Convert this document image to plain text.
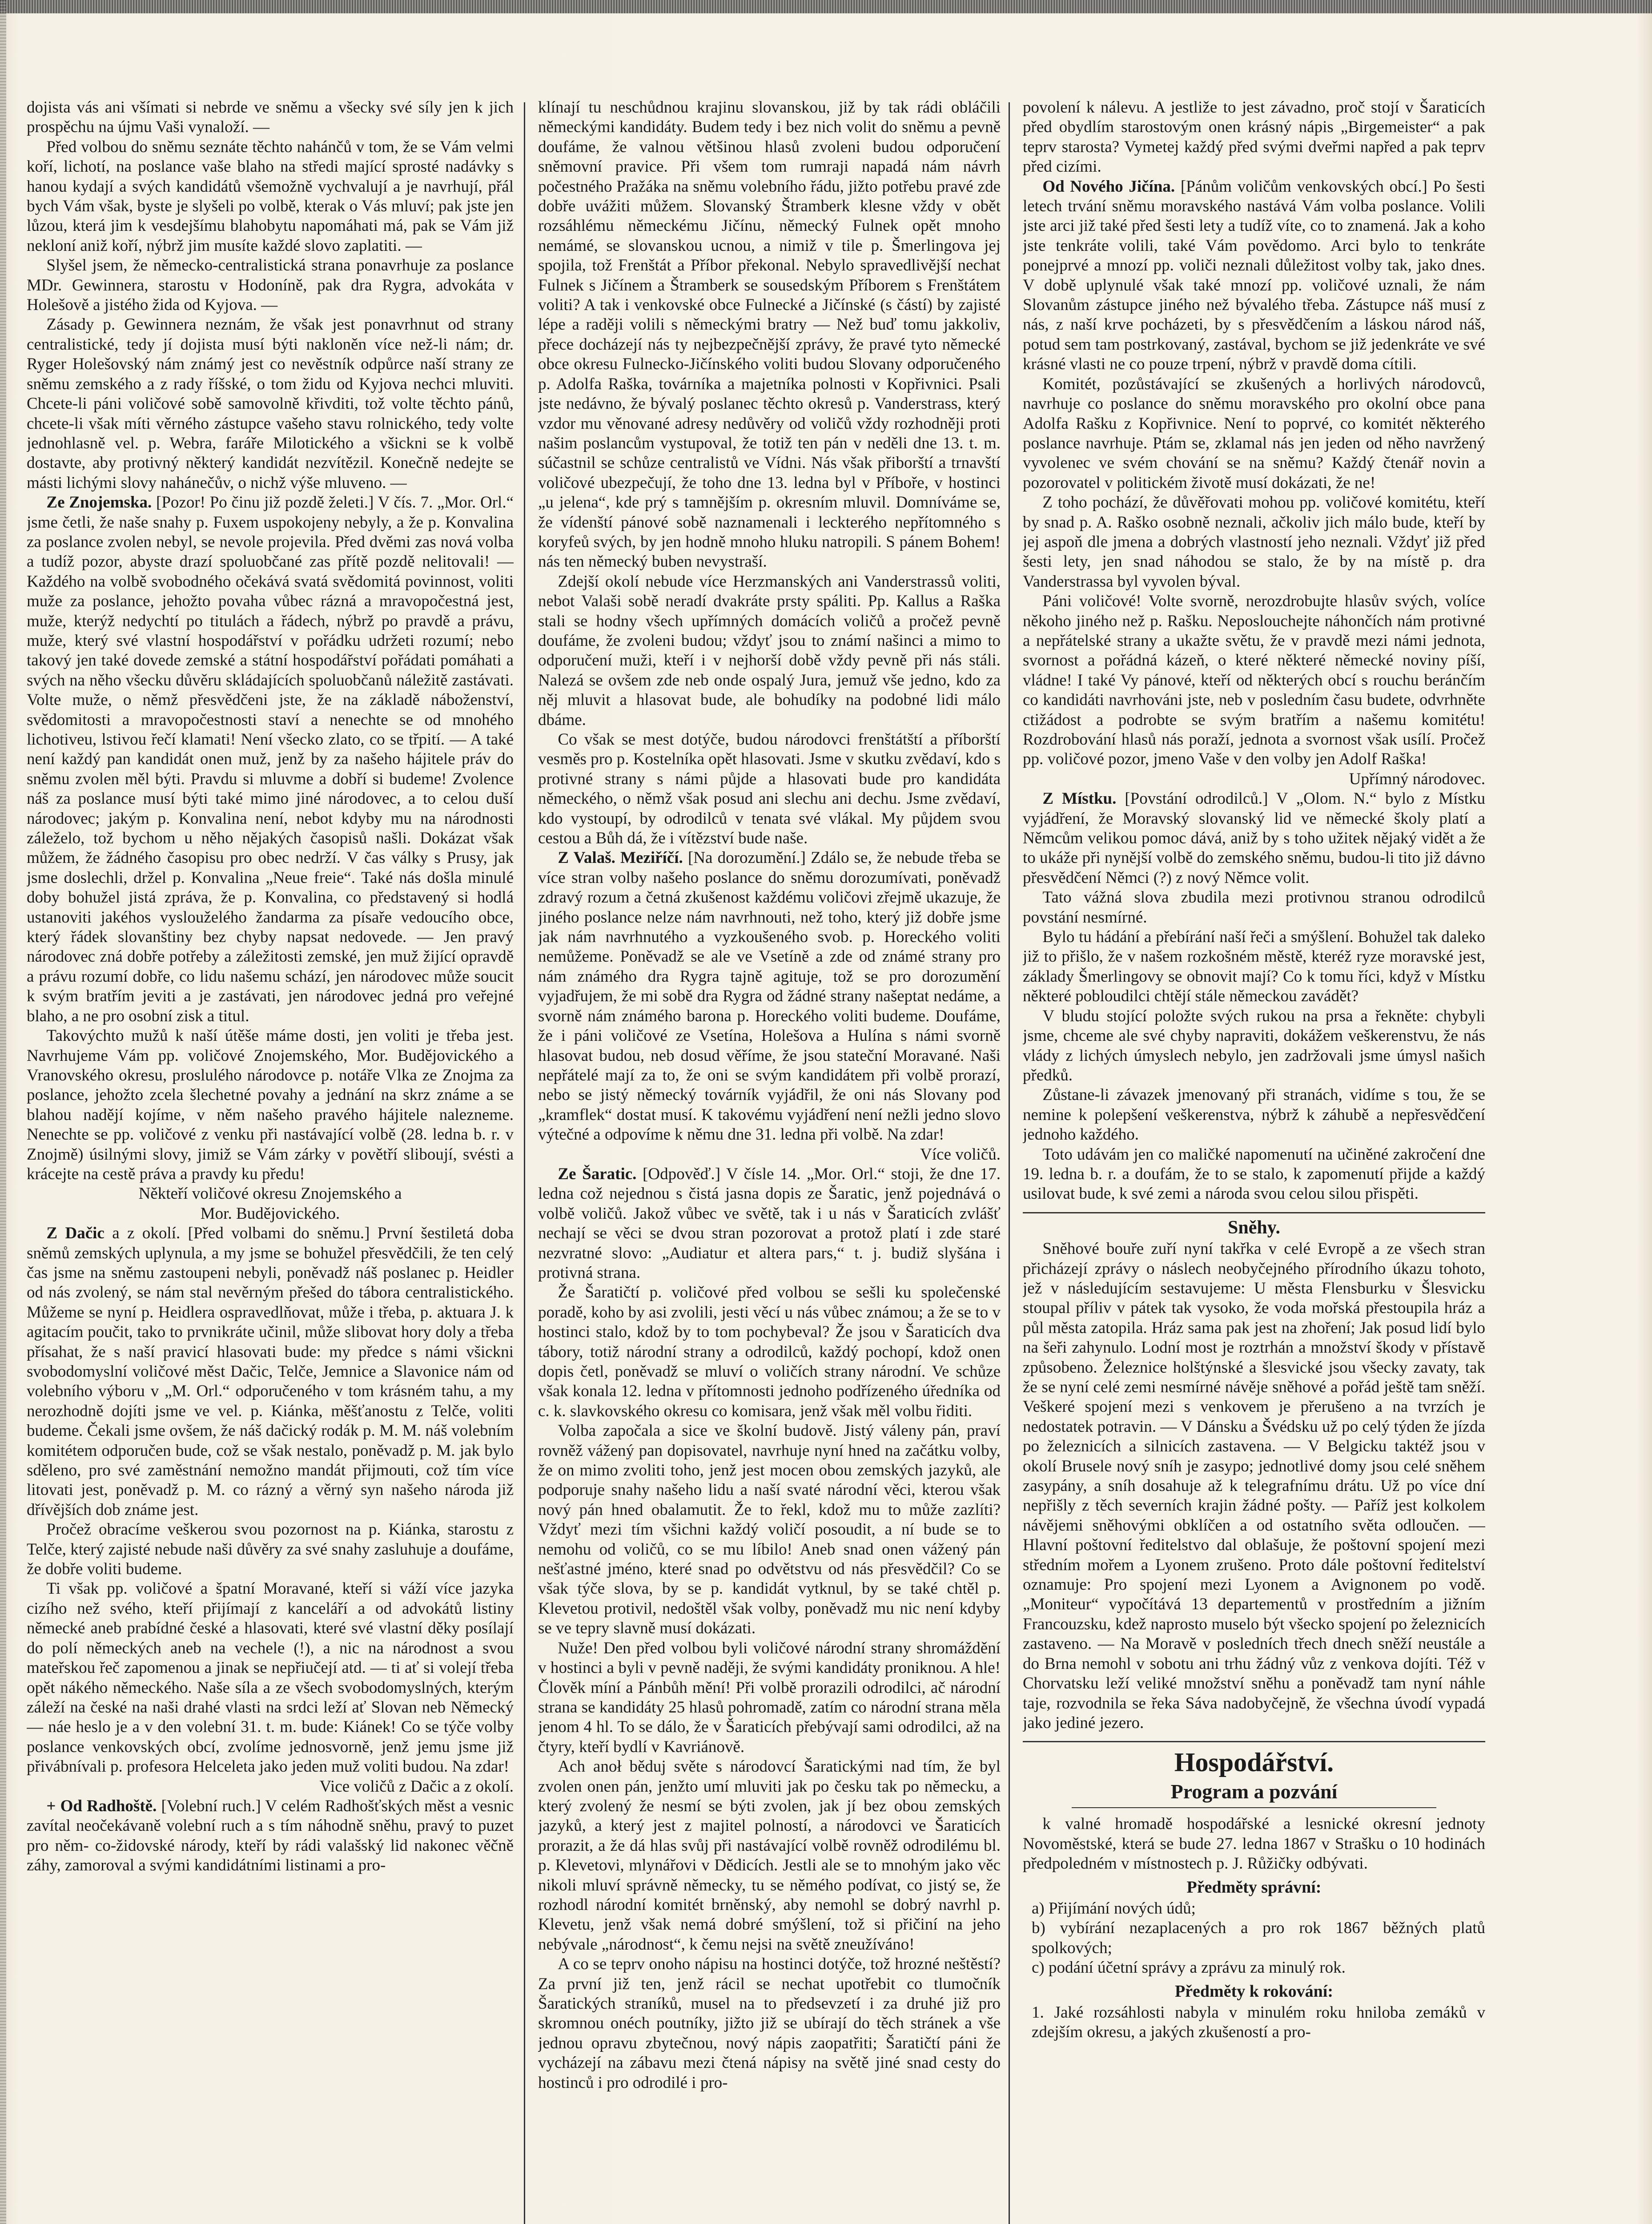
dojista vás ani všímati si nebrde ve sněmu a všecky své síly jen k jich prospěchu na újmu Vaši vynaloží. —

Před volbou do sněmu seznáte těchto nahánčů v tom, že se Vám velmi koří, lichotí, na poslance vaše blaho na středi mající sprosté nadávky s hanou kydají a svých kandidátů všemožně vychvalují a je navrhují, přál bych Vám však, byste je slyšeli po volbě, kterak o Vás mluví; pak jste jen lůzou, která jim k vesdejšímu blahobytu napomáhati má, pak se Vám již nekloní aniž koří, nýbrž jim musíte každé slovo zaplatiti. —

Slyšel jsem, že německo-centralistická strana ponavrhuje za poslance MDr. Gewinnera, starostu v Hodoníně, pak dra Rygra, advokáta v Holešově a jistého žida od Kyjova. —

Zásady p. Gewinnera neznám, že však jest ponavrhnut od strany centralistické, tedy jí dojista musí býti nakloněn více než-li nám; dr. Ryger Holešovský nám známý jest co nevěstník odpůrce naší strany ze sněmu zemského a z rady říšské, o tom židu od Kyjova nechci mluviti. Chcete-li páni voličové sobě samovolně křivditi, tož volte těchto pánů, chcete-li však míti věrného zástupce vašeho stavu rolnického, tedy volte jednohlasně vel. p. Webra, faráře Milotického a všickni se k volbě dostavte, aby protivný některý kandidát nezvítězil. Konečně nedejte se másti lichými slovy nahánečův, o nichž výše mluveno. —

Ze Znojemska. [Pozor! Po činu již pozdě želeti.] V čís. 7. „Mor. Orl.“ jsme četli, že naše snahy p. Fuxem uspokojeny nebyly, a že p. Konvalina za poslance zvolen nebyl, se nevole projevila. Před dvěmi zas nová volba a tudíž pozor, abyste drazí spoluobčané zas přítě pozdě nelitovali! — Každého na volbě svobodného očekává svatá svědomitá povinnost, voliti muže za poslance, jehožto povaha vůbec rázná a mravopočestná jest, muže, kterýž nedychtí po titulách a řádech, nýbrž po pravdě a právu, muže, který své vlastní hospodářství v pořádku udržeti rozumí; nebo takový jen také dovede zemské a státní hospodářství pořádati pomáhati a svých na něho všecku důvěru skládajících spoluobčanů náležitě zastávati. Volte muže, o němž přesvědčeni jste, že na základě náboženství, svědomitosti a mravopočestnosti staví a nenechte se od mnohého lichotiveu, lstivou řečí klamati! Není všecko zlato, co se třpití. — A také není každý pan kandidát onen muž, jenž by za našeho hájitele práv do sněmu zvolen měl býti. Pravdu si mluvme a dobří si budeme! Zvolence náš za poslance musí býti také mimo jiné národovec, a to celou duší národovec; jakým p. Konvalina není, nebot kdyby mu na národnosti záleželo, tož bychom u něho nějakých časopisů našli. Dokázat však můžem, že žádného časopisu pro obec nedrží. V čas války s Prusy, jak jsme doslechli, držel p. Konvalina „Neue freie“. Také nás došla minulé doby bohužel jistá zpráva, že p. Konvalina, co představený si hodlá ustanoviti jakéhos vyslouželého žandarma za písaře vedoucího obce, který řádek slovanštiny bez chyby napsat nedovede. — Jen pravý národovec zná dobře potřeby a záležitosti zemské, jen muž žijící opravdě a právu rozumí dobře, co lidu našemu schází, jen národovec může soucit k svým bratřím jeviti a je zastávati, jen národovec jedná pro veřejné blaho, a ne pro osobní zisk a titul.

Takovýchto mužů k naší útěše máme dosti, jen voliti je třeba jest. Navrhujeme Vám pp. voličové Znojemského, Mor. Budějovického a Vranovského okresu, proslulého národovce p. notáře Vlka ze Znojma za poslance, jehožto zcela šlechetné povahy a jednání na skrz známe a se blahou nadějí kojíme, v něm našeho pravého hájitele nalezneme. Nenechte se pp. voličové z venku při nastávající volbě (28. ledna b. r. v Znojmě) úsilnými slovy, jimiž se Vám zárky v povětří sliboují, svésti a krácejte na cestě práva a pravdy ku předu!

Někteří voličové okresu Znojemského a

Mor. Budějovického.

Z Dačic a z okolí. [Před volbami do sněmu.] První šestiletá doba sněmů zemských uplynula, a my jsme se bohužel přesvědčili, že ten celý čas jsme na sněmu zastoupeni nebyli, poněvadž náš poslanec p. Heidler od nás zvolený, se nám stal nevěrným přešed do tábora centralistického. Můžeme se nyní p. Heidlera ospravedlňovat, může i třeba, p. aktuara J. k agitacím poučit, tako to prvnikráte učinil, může slibovat hory doly a třeba přísahat, že s naší pravicí hlasovati bude: my předce s námi všickni svobodomyslní voličové měst Dačic, Telče, Jemnice a Slavonice nám od volebního výboru v „M. Orl.“ odporučeného v tom krásném tahu, a my nerozhodně dojíti jsme ve vel. p. Kiánka, měšťanostu z Telče, voliti budeme. Čekali jsme ovšem, že náš dačický rodák p. M. M. náš volebním komitétem odporučen bude, což se však nestalo, poněvadž p. M. jak bylo sděleno, pro své zaměstnání nemožno mandát přijmouti, což tím více litovati jest, poněvadž p. M. co rázný a věrný syn našeho národa již dřívějších dob známe jest.

Pročež obracíme veškerou svou pozornost na p. Kiánka, starostu z Telče, který zajisté nebude naši důvěry za své snahy zasluhuje a doufáme, že dobře voliti budeme.

Ti však pp. voličové a špatní Moravané, kteří si váží více jazyka cizího než svého, kteří přijímají z kanceláří a od advokátů listiny německé aneb prabídné české a hlasovati, které své vlastní děky posílají do polí německých aneb na vechele (!), a nic na národnost a svou mateřskou řeč zapomenou a jinak se nepřiučejí atd. — ti ať si volejí třeba opět nákého německého. Naše síla a ze všech svobodomyslných, kterým záleží na české na naši drahé vlasti na srdci leží ať Slovan neb Německý — náe heslo je a v den volební 31. t. m. bude: Kiánek! Co se týče volby poslance venkovských obcí, zvolíme jednosvorně, jenž jemu jsme již přivábnívali p. profesora Helceleta jako jeden muž voliti budou. Na zdar!

Vice voličů z Dačic a z okolí.

+ Od Radhoště. [Volební ruch.] V celém Radhošťských měst a vesnic zavítal neočekávaně volební ruch a s tím náhodně sněhu, pravý to puzet pro něm- co-židovské národy, kteří by rádi valašský lid nakonec věčně záhy, zamoroval a svými kandidátními listinami a pro-

klínají tu neschůdnou krajinu slovanskou, již by tak rádi obláčili německými kandidáty. Budem tedy i bez nich volit do sněmu a pevně doufáme, že valnou většinou hlasů zvoleni budou odporučení sněmovní pravice. Při všem tom rumraji napadá nám návrh počestného Pražáka na sněmu volebního řádu, jižto potřebu pravé zde dobře uvážiti můžem. Slovanský Štramberk klesne vždy v obět rozsáhlému německému Jičínu, německý Fulnek opět mnoho nemámé, se slovanskou ucnou, a nimiž v tile p. Šmerlingova jej spojila, tož Frenštát a Příbor překonal. Nebylo spravedlivější nechat Fulnek s Jičínem a Štramberk se sousedským Příborem s Frenštátem voliti? A tak i venkovské obce Fulnecké a Jičínské (s částí) by zajisté lépe a raději volili s německými bratry — Než buď tomu jakkoliv, přece docházejí nás ty nejbezpečnější zprávy, že pravé tyto německé obce okresu Fulnecko-Jičínského voliti budou Slovany odporučeného p. Adolfa Raška, továrníka a majetníka polnosti v Kopřivnici. Psali jste nedávno, že bývalý poslanec těchto okresů p. Vanderstrass, který vzdor mu věnované adresy nedůvěry od voličů vždy rozhodněji proti našim poslancům vystupoval, že totiž ten pán v neděli dne 13. t. m. súčastnil se schůze centralistů ve Vídni. Nás však přiborští a trnavští voličové ubezpečují, že toho dne 13. ledna byl v Příboře, v hostinci „u jelena“, kde prý s tamnějším p. okresním mluvil. Domníváme se, že vídenští pánové sobě naznamenali i leckterého nepřítomného s koryfeů svých, by jen hodně mnoho hluku natropili. S pánem Bohem! nás ten německý buben nevystraší.

Zdejší okolí nebude více Herzmanských ani Vanderstrassů voliti, nebot Valaši sobě neradí dvakráte prsty spáliti. Pp. Kallus a Raška stali se hodny všech upřímných domácích voličů a pročež pevně doufáme, že zvoleni budou; vždyť jsou to známí našinci a mimo to odporučení muži, kteří i v nejhorší době vždy pevně při nás stáli. Nalezá se ovšem zde neb onde ospalý Jura, jemuž vše jedno, kdo za něj mluvit a hlasovat bude, ale bohudíky na podobné lidi málo dbáme.

Co však se mest dotýče, budou národovci frenštátští a příborští vesměs pro p. Kostelníka opět hlasovati. Jsme v skutku zvědaví, kdo s protivné strany s námi půjde a hlasovati bude pro kandidáta německého, o němž však posud ani slechu ani dechu. Jsme zvědaví, kdo vystoupí, by odrodilců v tenata své vlákal. My půjdem svou cestou a Bůh dá, že i vítězství bude naše.

Z Valaš. Meziříčí. [Na dorozumění.] Zdálo se, že nebude třeba se více stran volby našeho poslance do sněmu dorozumívati, poněvadž zdravý rozum a četná zkušenost každému voličovi zřejmě ukazuje, že jiného poslance nelze nám navrhnouti, než toho, který již dobře jsme jak nám navrhnutého a vyzkoušeného svob. p. Horeckého voliti nemůžeme. Poněvadž se ale ve Vsetíně a zde od známé strany pro nám známého dra Rygra tajně agituje, tož se pro dorozumění vyjadřujem, že mi sobě dra Rygra od žádné strany našeptat nedáme, a svorně nám známého barona p. Horeckého voliti budeme. Doufáme, že i páni voličové ze Vsetína, Holešova a Hulína s námi svorně hlasovat budou, neb dosud věříme, že jsou stateční Moravané. Naši nepřátelé mají za to, že oni se svým kandidátem při volbě prorazí, nebo se jistý německý továrník vyjádřil, že oni nás Slovany pod „kramflek“ dostat musí. K takovému vyjádření není nežli jedno slovo výtečné a odpovíme k němu dne 31. ledna při volbě. Na zdar!

Více voličů.

Ze Šaratic. [Odpověď.] V čísle 14. „Mor. Orl.“ stoji, že dne 17. ledna což nejednou s čistá jasna dopis ze Šaratic, jenž pojednává o volbě voličů. Jakož vůbec ve světě, tak i u nás v Šaraticích zvlášť nechají se věci se dvou stran pozorovat a protož platí i zde staré nezvratné slovo: „Audiatur et altera pars,“ t. j. budiž slyšána i protivná strana.

Že Šaratičtí p. voličové před volbou se sešli ku společenské poradě, koho by asi zvolili, jesti věcí u nás vůbec známou; a že se to v hostinci stalo, kdož by to tom pochybeval? Že jsou v Šaraticích dva tábory, totiž národní strany a odrodilců, každý pochopí, kdož onen dopis četl, poněvadž se mluví o voličích strany národní. Ve schůze však konala 12. ledna v přítomnosti jednoho podřízeného úředníka od c. k. slavkovského okresu co komisara, jenž však měl volbu řiditi.

Volba započala a sice ve školní budově. Jistý váleny pán, praví rovněž vážený pan dopisovatel, navrhuje nyní hned na začátku volby, že on mimo zvoliti toho, jenž jest mocen obou zemských jazyků, ale podporuje snahy našeho lidu a naší svaté národní věci, kterou však nový pán hned obalamutit. Že to řekl, kdož mu to může zazlíti? Vždyť mezi tím všichni každý voličí posoudit, a ní bude se to nemohu od voličů, co se mu líbilo! Aneb snad onen vážený pán nešťastné jméno, které snad po odvětstvu od nás přesvědčil? Co se však týče slova, by se p. kandidát vytknul, by se také chtěl p. Klevetou protivil, nedoštěl však volby, poněvadž mu nic není kdyby se ve tepry slavně musí dokázati.

Nuže! Den před volbou byli voličové národní strany shromáždění v hostinci a byli v pevně naději, že svými kandidáty proniknou. A hle! Člověk míní a Pánbůh mění! Při volbě prorazili odrodilci, ač národní strana se kandidáty 25 hlasů pohromadě, zatím co národní strana měla jenom 4 hl. To se dálo, že v Šaraticích přebývají sami odrodilci, až na čtyry, kteří bydlí v Kavriánově.

Ach anoł běduj světe s národovcí Šaratickými nad tím, že byl zvolen onen pán, jenžto umí mluviti jak po česku tak po německu, a který zvolený že nesmí se býti zvolen, jak jí bez obou zemských jazyků, a který jest z majitel polností, a národovci ve Šaraticích prorazit, a že dá hlas svůj při nastávající volbě rovněž odrodilému bl. p. Klevetovi, mlynářovi v Dědicích. Jestli ale se to mnohým jako věc nikoli mluví správně německy, tu se němého podívat, co jistý se, že rozhodl národní komitét brněnský, aby nemohl se dobrý navrhl p. Klevetu, jenž však nemá dobré smýšlení, tož si přičiní na jeho nebývale „národnost“, k čemu nejsi na světě zneužíváno!

A co se teprv onoho nápisu na hostinci dotýče, tož hrozné neštěstí? Za první již ten, jenž rácil se nechat upotřebit co tlumočník Šaratických straníků, musel na to předsevzetí i za druhé již pro skromnou onéch poutníky, jižto již se ubírají do těch stránek a vše jednou opravu zbytečnou, nový nápis zaopatřiti; Šaratičtí páni že vycházejí na zábavu mezi čtená nápisy na světě jiné snad cesty do hostinců i pro odrodilé i pro-

povolení k nálevu. A jestliže to jest závadno, proč stojí v Šaraticích před obydlím starostovým onen krásný nápis „Birgemeister“ a pak teprv starosta? Vymetej každý před svými dveřmi napřed a pak teprv před cizími.

Od Nového Jičína. [Pánům voličům venkovských obcí.] Po šesti letech trvání sněmu moravského nastává Vám volba poslance. Volili jste arci již také před šesti lety a tudíž víte, co to znamená. Jak a koho jste tenkráte volili, také Vám povědomo. Arci bylo to tenkráte ponejprvé a mnozí pp. voliči neznali důležitost volby tak, jako dnes. V době uplynulé však také mnozí pp. voličové uznali, že nám Slovanům zástupce jiného než bývalého třeba. Zástupce náš musí z nás, z naší krve pocházeti, by s přesvědčením a láskou národ náš, potud sem tam postrkovaný, zastával, bychom se již jedenkráte ve své krásné vlasti ne co pouze trpení, nýbrž v pravdě doma cítili.

Komitét, pozůstávající se zkušených a horlivých národovců, navrhuje co poslance do sněmu moravského pro okolní obce pana Adolfa Rašku z Kopřivnice. Není to poprvé, co komitét některého poslance navrhuje. Ptám se, zklamal nás jen jeden od něho navržený vyvolenec ve svém chování se na sněmu? Každý čtenář novin a pozorovatel v politickém životě musí dokázati, že ne!

Z toho pochází, že důvěřovati mohou pp. voličové komitétu, kteří by snad p. A. Raško osobně neznali, ačkoliv jich málo bude, kteří by jej aspoň dle jmena a dobrých vlastností jeho neznali. Vždyť již před šesti lety, jen snad náhodou se stalo, že by na místě p. dra Vanderstrassa byl vyvolen býval.

Páni voličové! Volte svorně, nerozdrobujte hlasův svých, volíce někoho jiného než p. Rašku. Neposlouchejte náhončích nám protivné a nepřátelské strany a ukažte světu, že v pravdě mezi námi jednota, svornost a pořádná kázeň, o které některé německé noviny píší, vládne! I také Vy pánové, kteří od některých obcí s rouchu beránčím co kandidáti navrhováni jste, neb v posledním času budete, odvrhněte ctižádost a podrobte se svým bratřím a našemu komitétu! Rozdrobování hlasů nás poraží, jednota a svornost však usílí. Pročež pp. voličové pozor, jmeno Vaše v den volby jen Adolf Raška!

Upřímný národovec.

Z Místku. [Povstání odrodilců.] V „Olom. N.“ bylo z Místku vyjádření, že Moravský slovanský lid ve německé školy platí a Němcům velikou pomoc dává, aniž by s toho užitek nějaký vidět a že to ukáže při nynější volbě do zemského sněmu, budou-li tito již dávno přesvědčení Němci (?) z nový Němce volit.

Tato vážná slova zbudila mezi protivnou stranou odrodilců povstání nesmírné.

Bylo tu hádání a přebírání naší řeči a smýšlení. Bohužel tak daleko již to přišlo, že v našem rozkošném městě, kteréž ryze moravské jest, základy Šmerlingovy se obnovit mají? Co k tomu říci, když v Místku některé pobloudilci chtějí stále německou zavádět?

V bludu stojící položte svých rukou na prsa a řekněte: chybyli jsme, chceme ale své chyby napraviti, dokážem veškerenstvu, že nás vlády z lichých úmyslech nebylo, jen zadržovali jsme úmysl našich předků.

Zůstane-li závazek jmenovaný při stranách, vidíme s tou, že se nemine k polepšení veškerenstva, nýbrž k záhubě a nepřesvědčení jednoho každého.

Toto udávám jen co maličké napomenutí na učiněné zakročení dne 19. ledna b. r. a doufám, že to se stalo, k zapomenutí přijde a každý usilovat bude, k své zemi a národa svou celou silou přispěti.

Sněhy.

Sněhové bouře zuří nyní takřka v celé Evropě a ze všech stran přicházejí zprávy o náslech neobyčejného přírodního úkazu tohoto, jež v následujícím sestavujeme: U města Flensburku v Šlesvicku stoupal příliv v pátek tak vysoko, že voda mořská přestoupila hráz a půl města zatopila. Hráz sama pak jest na zhoření; Jak posud lidí bylo na šeři zahynulo. Lodní most je roztrhán a množství škody v přístavě způsobeno. Železnice holštýnské a šlesvické jsou všecky zavaty, tak že se nyní celé zemi nesmírné návěje sněhové a pořád ještě tam sněží. Veškeré spojení mezi s venkovem je přerušeno a na tvrzích je nedostatek potravin. — V Dánsku a Švédsku už po celý týden že jízda po železnicích a silnicích zastavena. — V Belgicku taktéž jsou v okolí Brusele nový sníh je zasypo; jednotlivé domy jsou celé sněhem zasypány, a sníh dosahuje až k telegrafnímu drátu. Už po více dní nepřišly z těch severních krajin žádné pošty. — Paříž jest kolkolem návějemi sněhovými obklíčen a od ostatního světa odloučen. — Hlavní poštovní ředitelstvo dal oblašuje, že poštovní spojení mezi středním mořem a Lyonem zrušeno. Proto dále poštovní ředitelství oznamuje: Pro spojení mezi Lyonem a Avignonem po vodě. „Moniteur“ vypočítává 13 departementů v prostředním a jižním Francouzsku, kdež naprosto muselo být všecko spojení po železnicích zastaveno. — Na Moravě v posledních třech dnech sněží neustále a do Brna nemohl v sobotu ani trhu žádný vůz z venkova dojíti. Též v Chorvatsku leží veliké množství sněhu a poněvadž tam nyní náhle taje, rozvodnila se řeka Sáva nadobyčejně, že všechna úvodí vypadá jako jediné jezero.

Hospodářství.
Program a pozvání

k valné hromadě hospodářské a lesnické okresní jednoty Novoměstské, která se bude 27. ledna 1867 v Strašku o 10 hodinách předpoledném v místnostech p. J. Růžičky odbývati.

Předměty správní:

a) Přijímání nových údů;

b) vybírání nezaplacených a pro rok 1867 běžných platů spolkových;

c) podání účetní správy a zprávu za minulý rok.

Předměty k rokování:

1. Jaké rozsáhlosti nabyla v minulém roku hniloba zemáků v zdejším okresu, a jakých zkušeností a pro-
